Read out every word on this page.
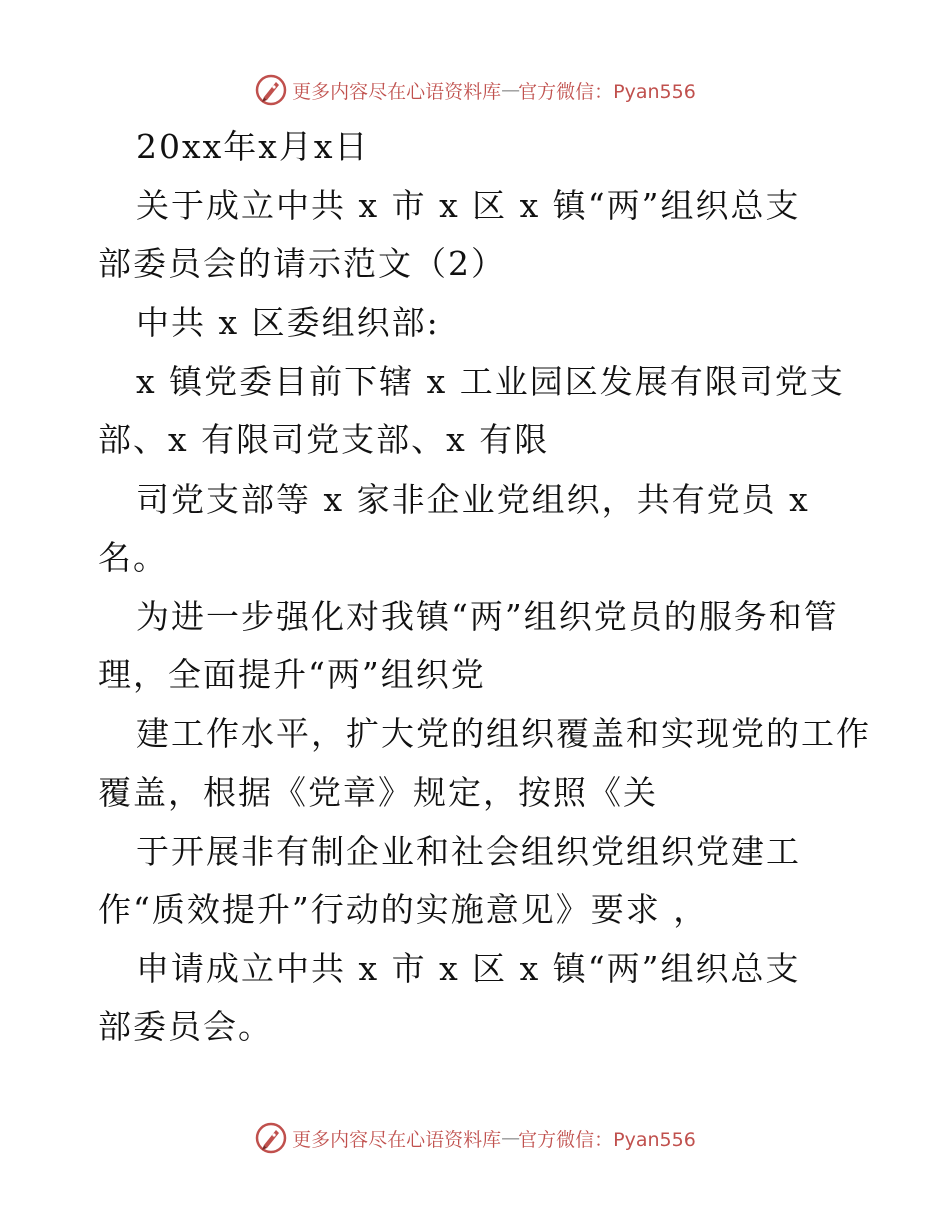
更多内容尽在心语资料库 — 官方微信：Pyan556
20xx年x月x日
关于成立中共 x 市 x 区 x 镇“两”组织总支
部委员会的请示范文（2）
中共 x 区委组织部:
x 镇党委目前下辖 x 工业园区发展有限司党支
部、x 有限司党支部、x 有限
司党支部等 x 家非企业党组织，共有党员 x
名。
为进一步强化对我镇“两”组织党员的服务和管
理，全面提升“两”组织党
建工作水平，扩大党的组织覆盖和实现党的工作
覆盖，根据《党章》规定，按照《关
于开展非有制企业和社会组织党组织党建工
作“质效提升”行动的实施意见》要求 ，
申请成立中共 x 市 x 区 x 镇“两”组织总支
部委员会。
更多内容尽在心语资料库 — 官方微信：Pyan556
